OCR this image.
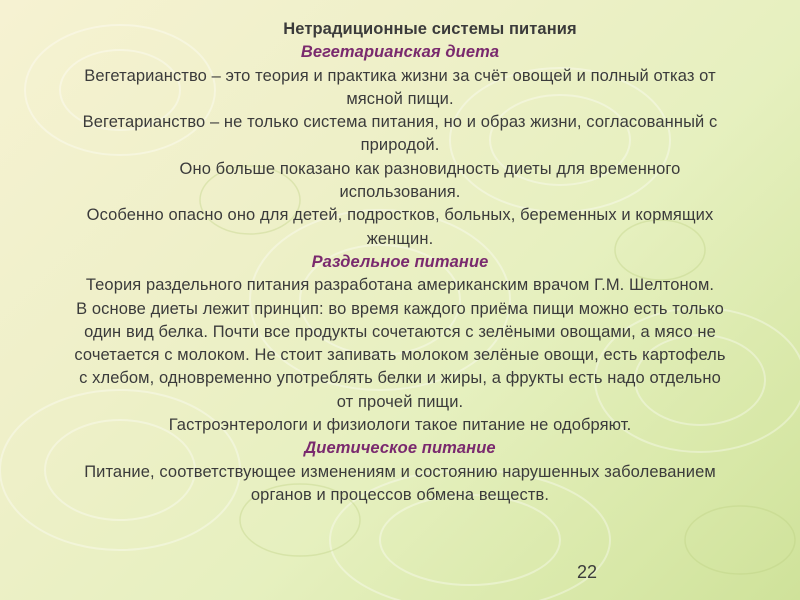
Нетрадиционные системы питания
Вегетарианская диета
Вегетарианство – это теория и практика жизни за счёт овощей и полный отказ от
мясной пищи.
Вегетарианство – не только система питания, но и образ жизни, согласованный с
природой.
Оно больше показано как разновидность диеты для временного
использования.
Особенно опасно оно для детей, подростков, больных, беременных и кормящих
женщин.
Раздельное питание
Теория раздельного питания разработана американским врачом Г.М. Шелтоном.
В основе диеты лежит принцип: во время каждого приёма пищи можно есть только
один вид белка. Почти все продукты сочетаются с зелёными овощами, а мясо не
сочетается с молоком. Не стоит запивать молоком зелёные овощи, есть картофель
с хлебом, одновременно употреблять белки и жиры, а фрукты есть надо отдельно
от прочей пищи.
Гастроэнтерологи и физиологи такое питание не одобряют.
Диетическое питание
Питание, соответствующее изменениям и состоянию нарушенных заболеванием
органов и процессов обмена веществ.
22
